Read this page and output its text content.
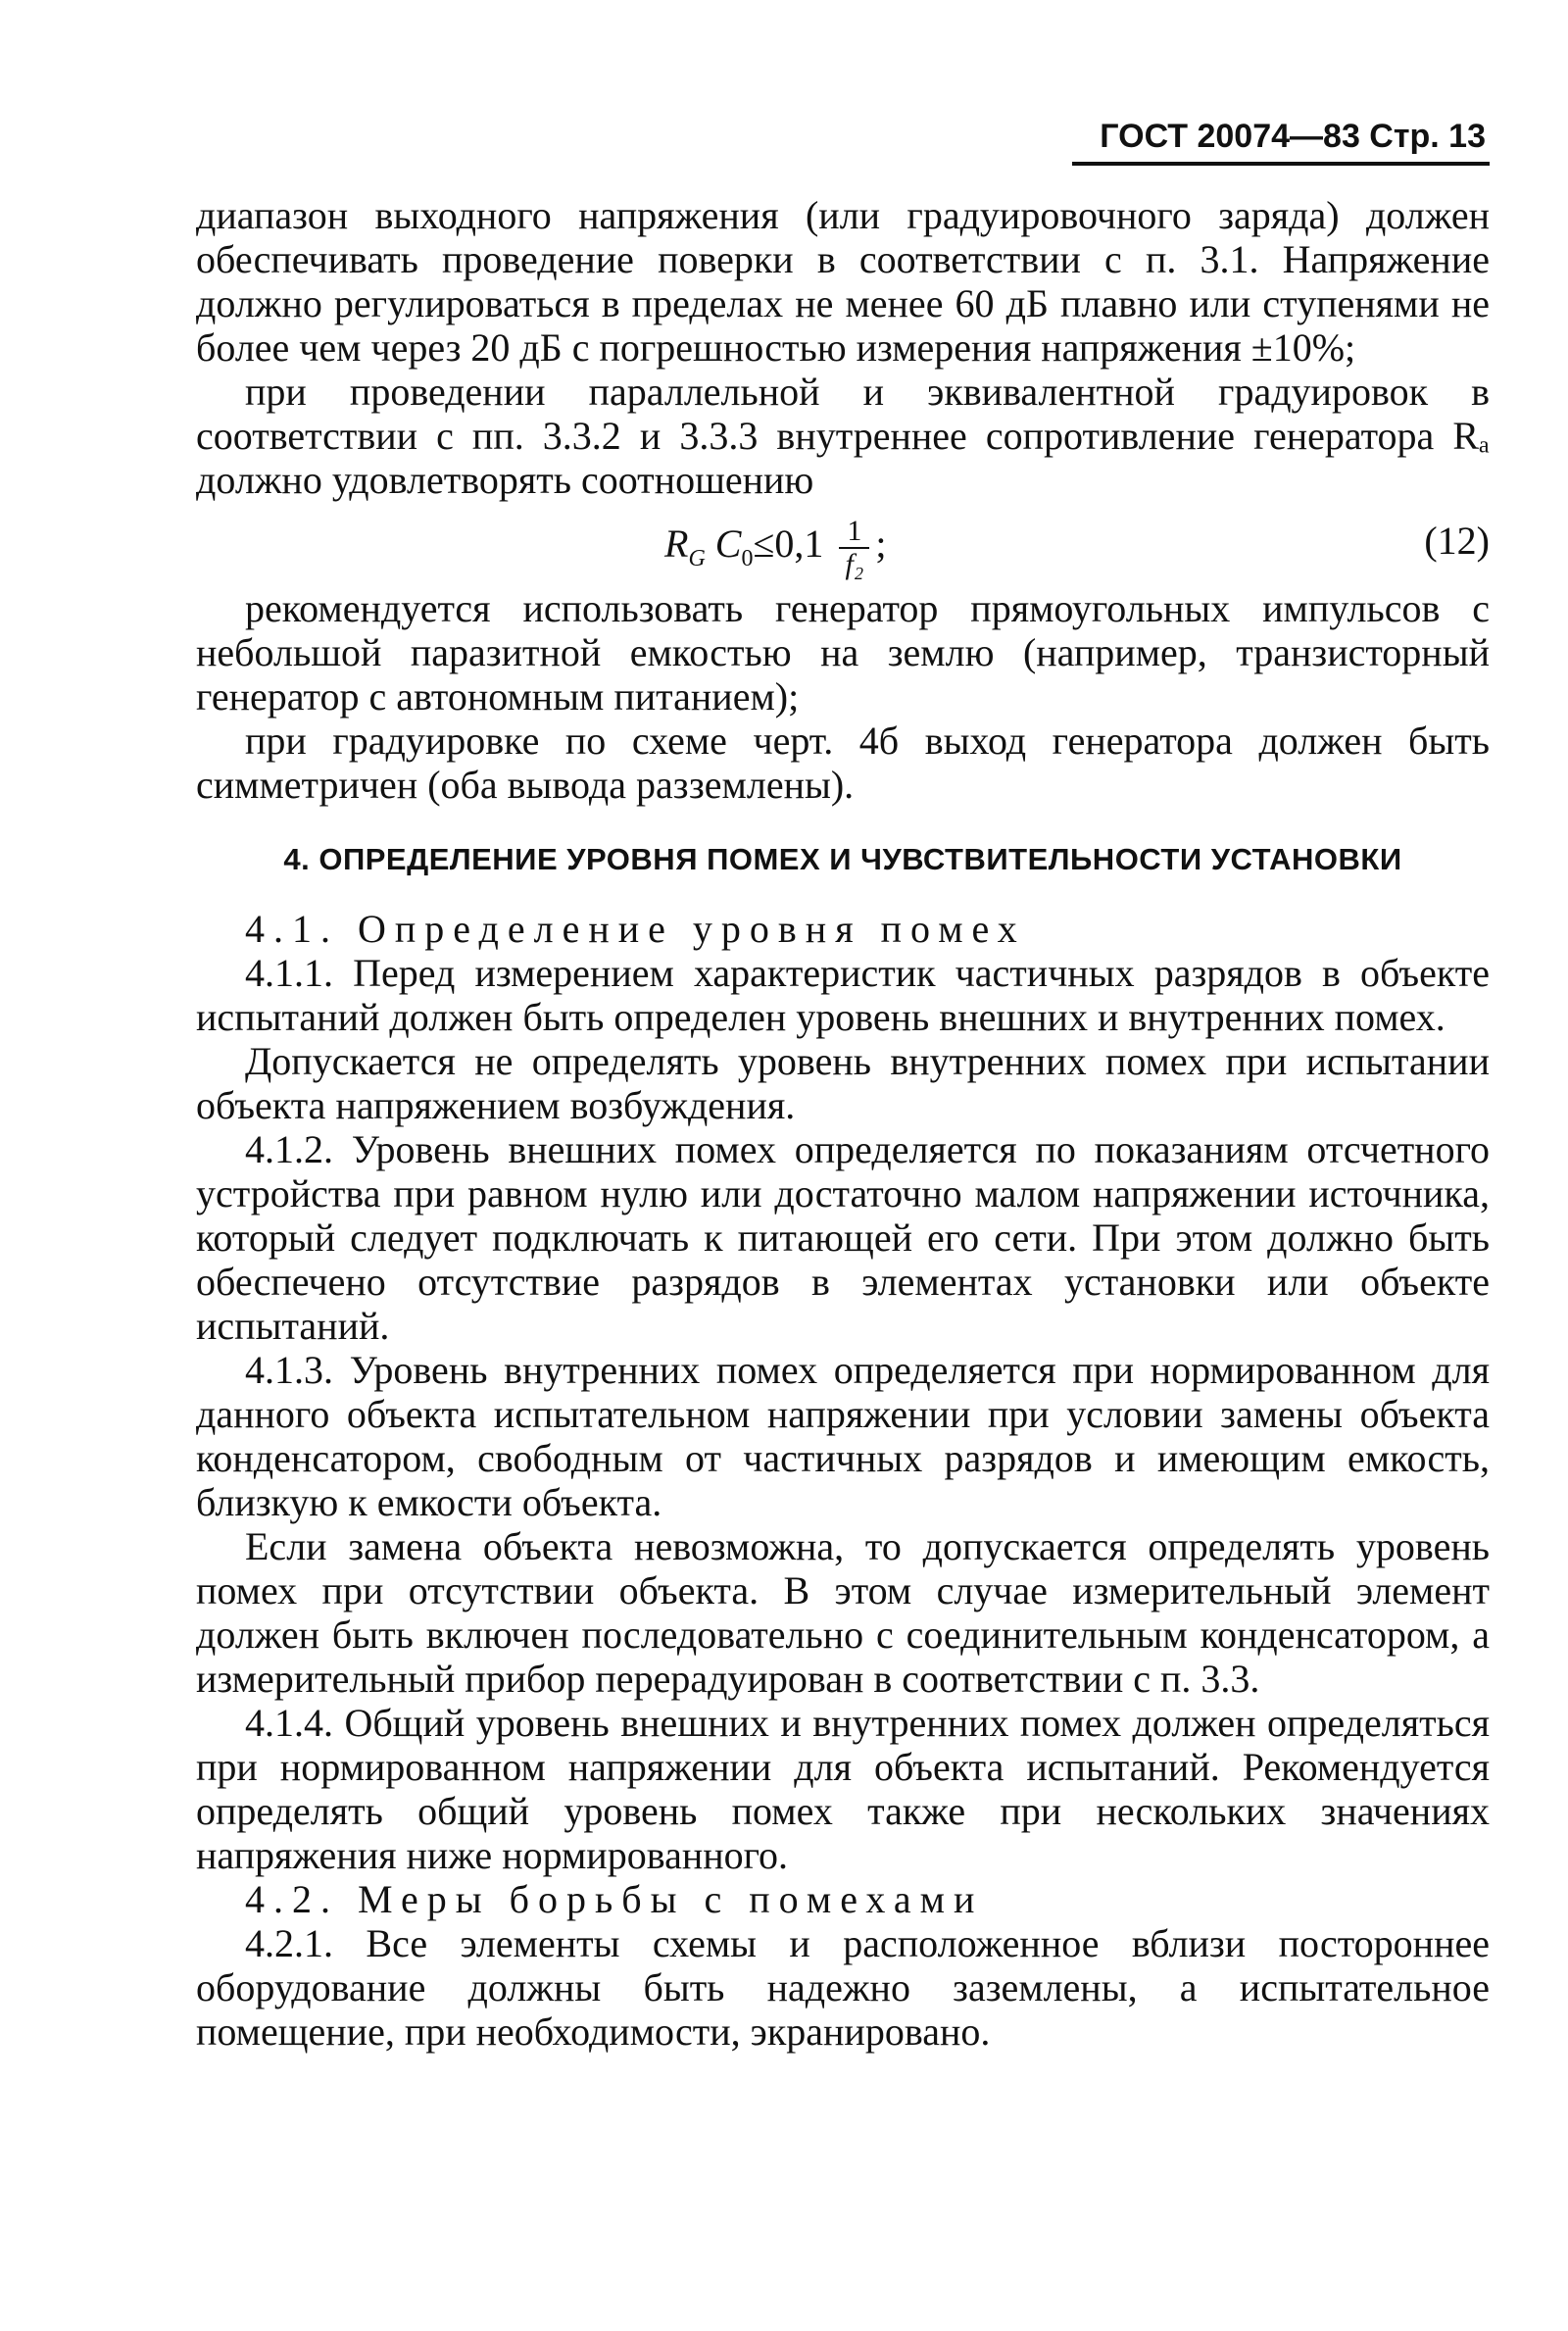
ГОСТ 20074—83 Стр. 13

диапазон выходного напряжения (или градуировочного заряда) должен обеспечивать проведение поверки в соответствии с п. 3.1. Напряжение должно регулироваться в пределах не менее 60 дБ плавно или ступенями не более чем через 20 дБ с погрешностью измерения напряжения ±10%;

при проведении параллельной и эквивалентной градуировок в соответствии с пп. 3.3.2 и 3.3.3 внутреннее сопротивление генератора Rₐ должно удовлетворять соотношению

$R_G$ $C_0\le 0,1 \frac{1}{\text{f₂}}$ ;	(12)

рекомендуется использовать генератор прямоугольных импульсов с небольшой паразитной емкостью на землю (например, транзисторный генератор с автономным питанием);

при градуировке по схеме черт. 4б выход генератора должен быть симметричен (оба вывода разземлены).

4. ОПРЕДЕЛЕНИЕ УРОВНЯ ПОМЕХ И ЧУВСТВИТЕЛЬНОСТИ УСТАНОВКИ

4.1. Определение уровня помех

4.1.1. Перед измерением характеристик частичных разрядов в объекте испытаний должен быть определен уровень внешних и внутренних помех.

Допускается не определять уровень внутренних помех при испытании объекта напряжением возбуждения.

4.1.2. Уровень внешних помех определяется по показаниям отсчетного устройства при равном нулю или достаточно малом напряжении источника, который следует подключать к питающей его сети. При этом должно быть обеспечено отсутствие разрядов в элементах установки или объекте испытаний.

4.1.3. Уровень внутренних помех определяется при нормированном для данного объекта испытательном напряжении при условии замены объекта конденсатором, свободным от частичных разрядов и имеющим емкость, близкую к емкости объекта.

Если замена объекта невозможна, то допускается определять уровень помех при отсутствии объекта. В этом случае измерительный элемент должен быть включен последовательно с соединительным конденсатором, а измерительный прибор перерадуирован в соответствии с п. 3.3.

4.1.4. Общий уровень внешних и внутренних помех должен определяться при нормированном напряжении для объекта испытаний. Рекомендуется определять общий уровень помех также при нескольких значениях напряжения ниже нормированного.

4.2. Меры борьбы с помехами

4.2.1. Все элементы схемы и расположенное вблизи постороннее оборудование должны быть надежно заземлены, а испытательное помещение, при необходимости, экранировано.
